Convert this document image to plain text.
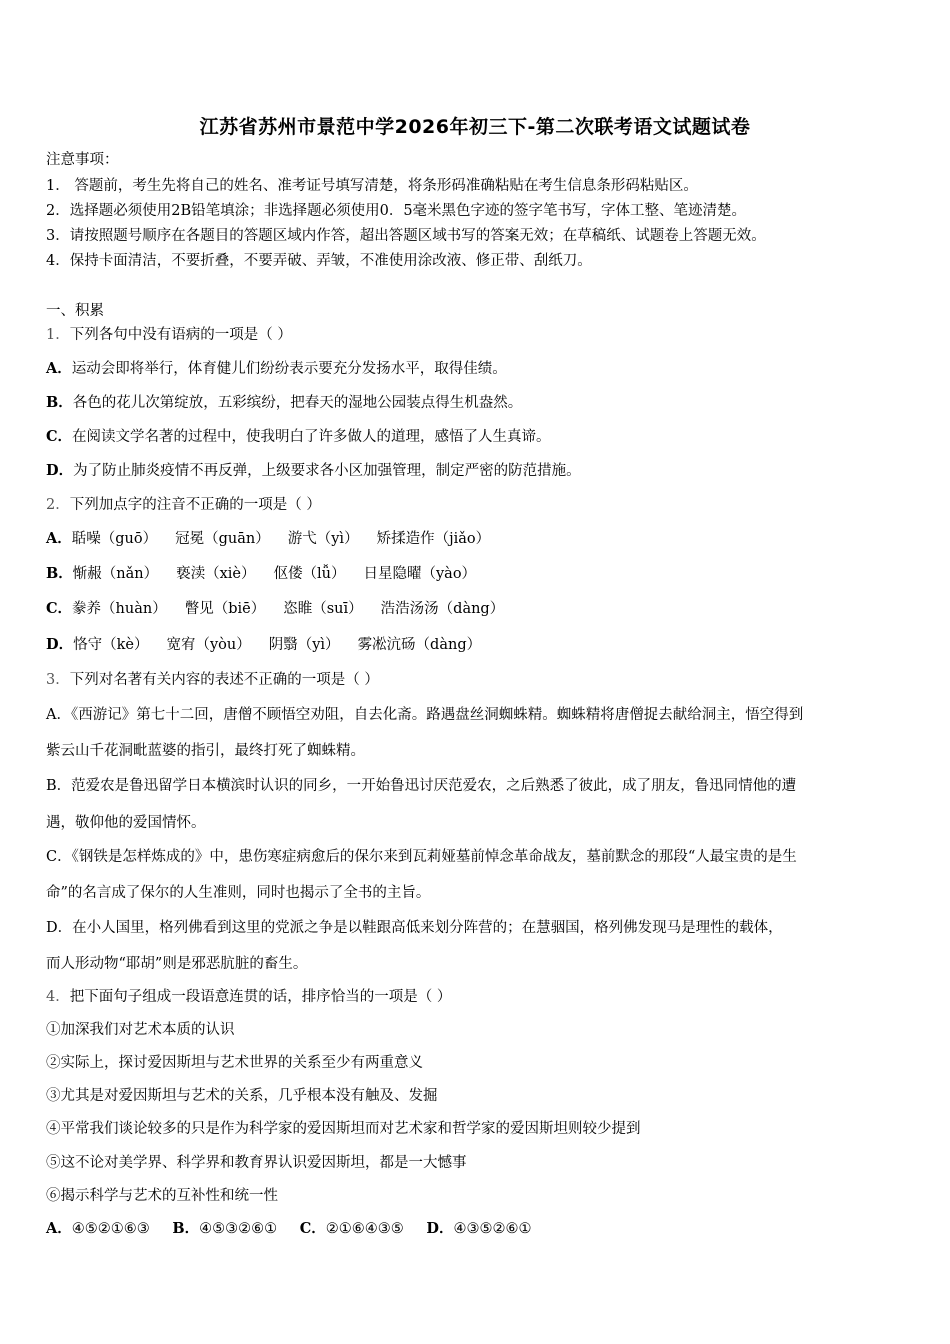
江苏省苏州市景范中学2026年初三下-第二次联考语文试题试卷
注意事项：
1． 答题前，考生先将自己的姓名、准考证号填写清楚，将条形码准确粘贴在考生信息条形码粘贴区。
2．选择题必须使用2B铅笔填涂；非选择题必须使用0．5毫米黑色字迹的签字笔书写，字体工整、笔迹清楚。
3．请按照题号顺序在各题目的答题区域内作答，超出答题区域书写的答案无效；在草稿纸、试题卷上答题无效。
4．保持卡面清洁，不要折叠，不要弄破、弄皱，不准使用涂改液、修正带、刮纸刀。
一、积累
1．下列各句中没有语病的一项是（ ）
A．运动会即将举行，体育健儿们纷纷表示要充分发扬水平，取得佳绩。
B．各色的花儿次第绽放，五彩缤纷，把春天的湿地公园装点得生机盎然。
C．在阅读文学名著的过程中，使我明白了许多做人的道理，感悟了人生真谛。
D．为了防止肺炎疫情不再反弹，上级要求各小区加强管理，制定严密的防范措施。
2．下列加点字的注音不正确的一项是（ ）
A．聒噪（guō） 冠冕（guān） 游弋（yì） 矫揉造作（jiǎo）
B．惭赧（nǎn） 亵渎（xiè） 伛偻（lǚ） 日星隐曜（yào）
C．豢养（huàn） 瞥见（biē） 恣睢（suī） 浩浩汤汤（dàng）
D．恪守（kè） 宽宥（yòu） 阴翳（yì） 雾凇沆砀（dàng）
3．下列对名著有关内容的表述不正确的一项是（ ）
A．《西游记》第七十二回，唐僧不顾悟空劝阻，自去化斋。路遇盘丝洞蜘蛛精。蜘蛛精将唐僧捉去献给洞主，悟空得到
紫云山千花洞毗蓝婆的指引，最终打死了蜘蛛精。
B．范爱农是鲁迅留学日本横滨时认识的同乡，一开始鲁迅讨厌范爱农，之后熟悉了彼此，成了朋友，鲁迅同情他的遭
遇，敬仰他的爱国情怀。
C．《钢铁是怎样炼成的》中，患伤寒症病愈后的保尔来到瓦莉娅墓前悼念革命战友，墓前默念的那段“人最宝贵的是生
命”的名言成了保尔的人生准则，同时也揭示了全书的主旨。
D．在小人国里，格列佛看到这里的党派之争是以鞋跟高低来划分阵营的；在慧骃国，格列佛发现马是理性的载体，
而人形动物“耶胡”则是邪恶肮脏的畜生。
4．把下面句子组成一段语意连贯的话，排序恰当的一项是（ ）
①加深我们对艺术本质的认识
②实际上，探讨爱因斯坦与艺术世界的关系至少有两重意义
③尤其是对爱因斯坦与艺术的关系，几乎根本没有触及、发掘
④平常我们谈论较多的只是作为科学家的爱因斯坦而对艺术家和哲学家的爱因斯坦则较少提到
⑤这不论对美学界、科学界和教育界认识爱因斯坦，都是一大憾事
⑥揭示科学与艺术的互补性和统一性
A．④⑤②①⑥③ B．④⑤③②⑥① C．②①⑥④③⑤ D．④③⑤②⑥①
